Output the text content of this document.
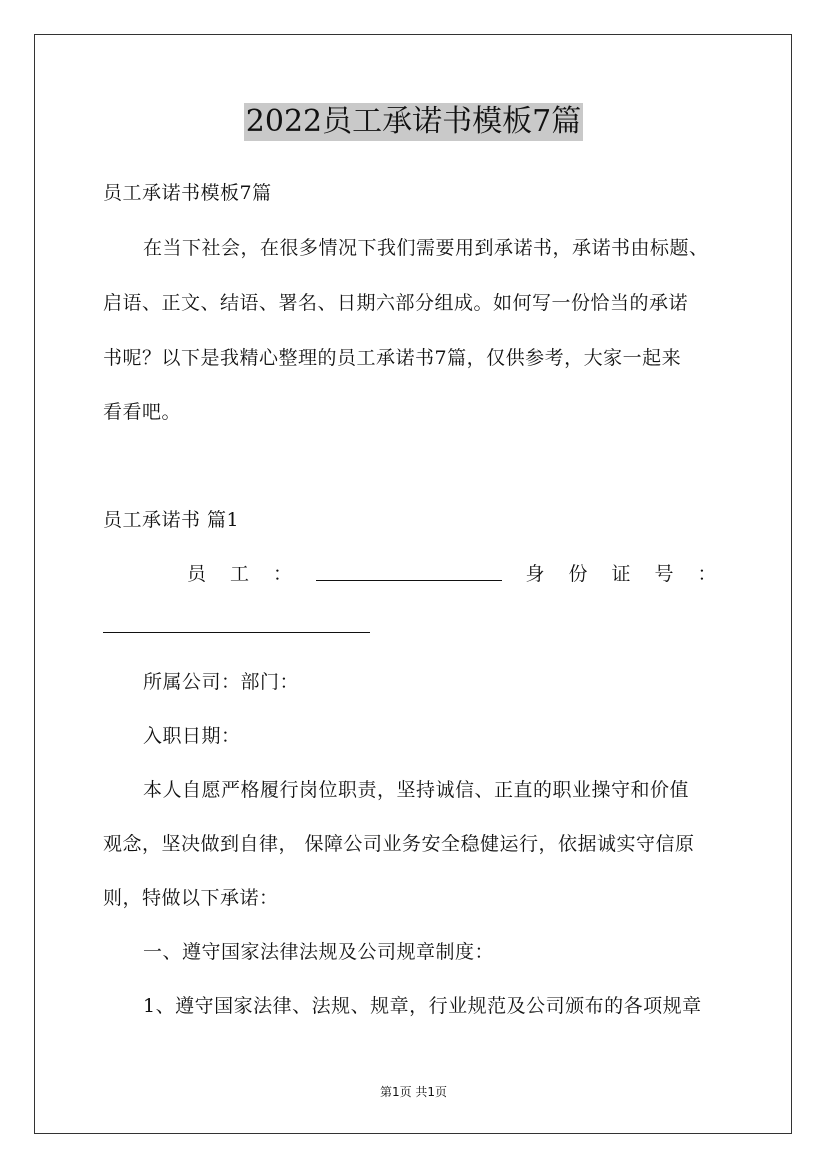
2022员工承诺书模板7篇
员工承诺书模板7篇
在当下社会，在很多情况下我们需要用到承诺书，承诺书由标题、
启语、正文、结语、署名、日期六部分组成。如何写一份恰当的承诺
书呢？以下是我精心整理的员工承诺书7篇，仅供参考，大家一起来
看看吧。
员工承诺书 篇1
员 工 ：	身 份 证 号 ：
所属公司：部门：
入职日期：
本人自愿严格履行岗位职责，坚持诚信、正直的职业操守和价值
观念，坚决做到自律， 保障公司业务安全稳健运行，依据诚实守信原
则，特做以下承诺：
一、遵守国家法律法规及公司规章制度：
1、遵守国家法律、法规、规章，行业规范及公司颁布的各项规章
第1页 共1页
